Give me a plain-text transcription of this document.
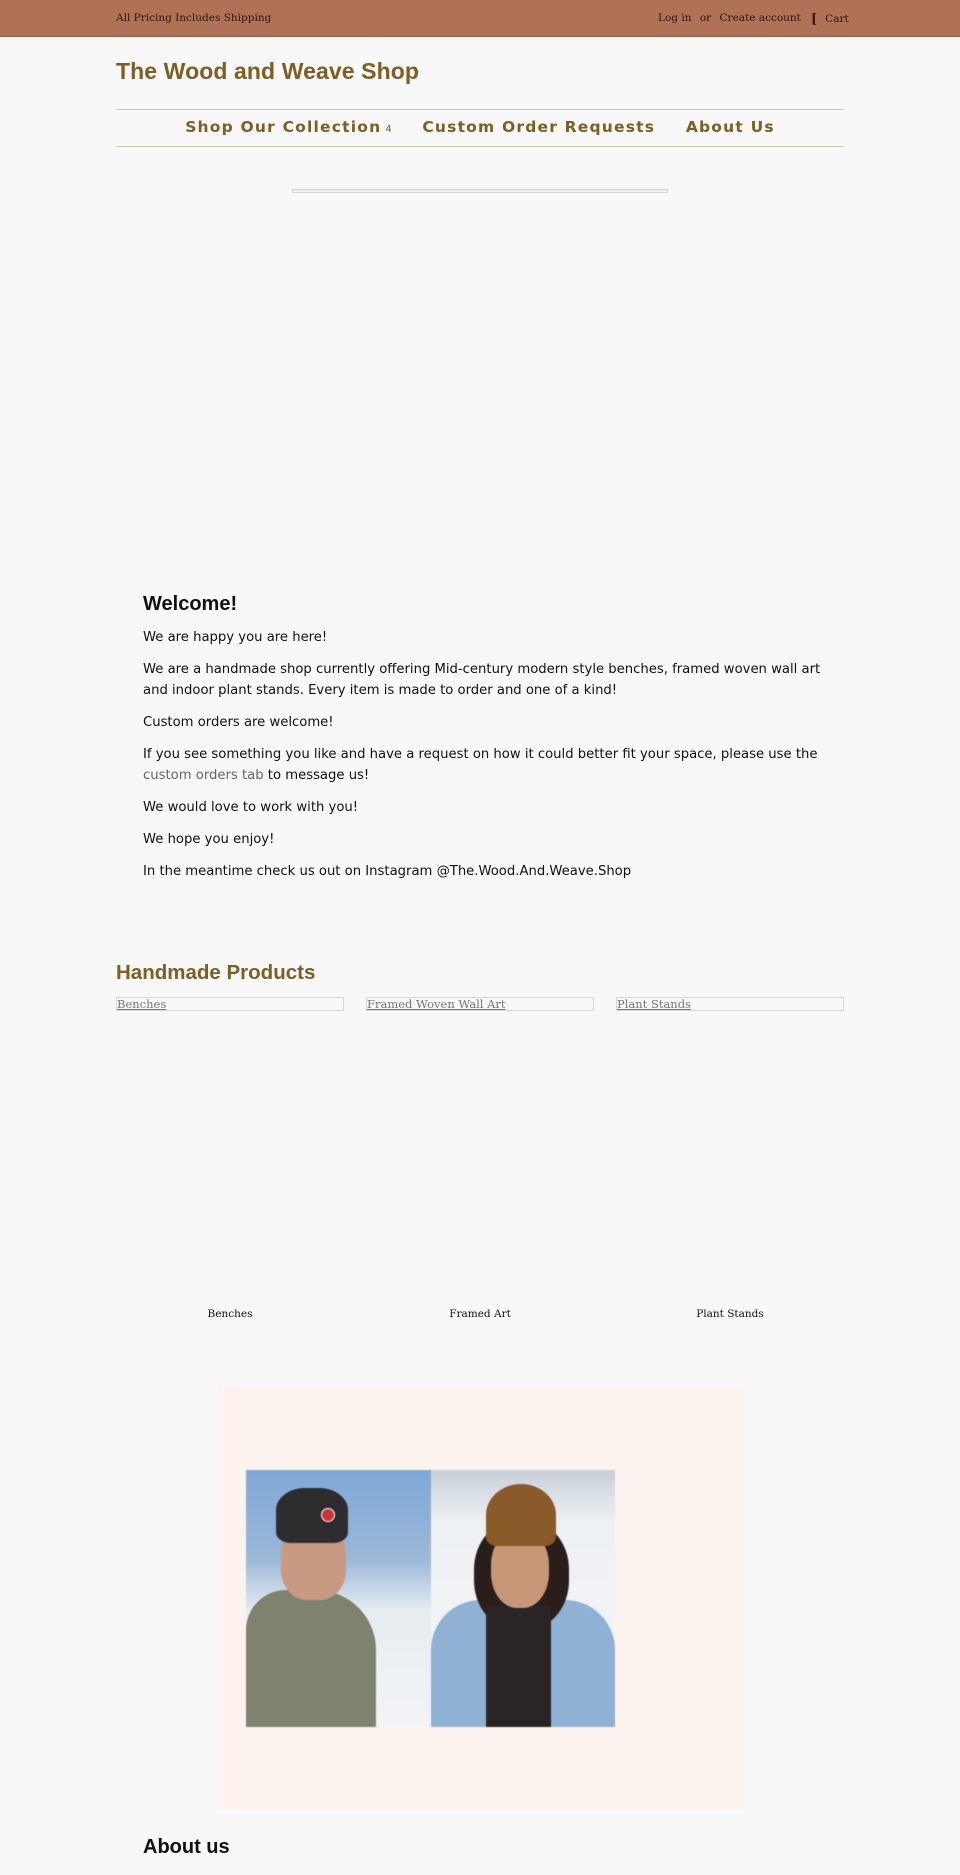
All Pricing Includes Shipping	Log in or Create account [ Cart
The Wood and Weave Shop
Shop Our Collection 4 Custom Order Requests About Us
Welcome!

We are happy you are here!

We are a handmade shop currently offering Mid-century modern style benches, framed woven wall art and indoor plant stands. Every item is made to order and one of a kind!

Custom orders are welcome!

If you see something you like and have a request on how it could better fit your space, please use the custom orders tab to message us!

We would love to work with you!

We hope you enjoy!

In the meantime check us out on Instagram @The.Wood.And.Weave.Shop

Handmade Products
Benches	Framed Woven Wall Art	Plant Stands
Benches	Framed Art	Plant Stands
About us
